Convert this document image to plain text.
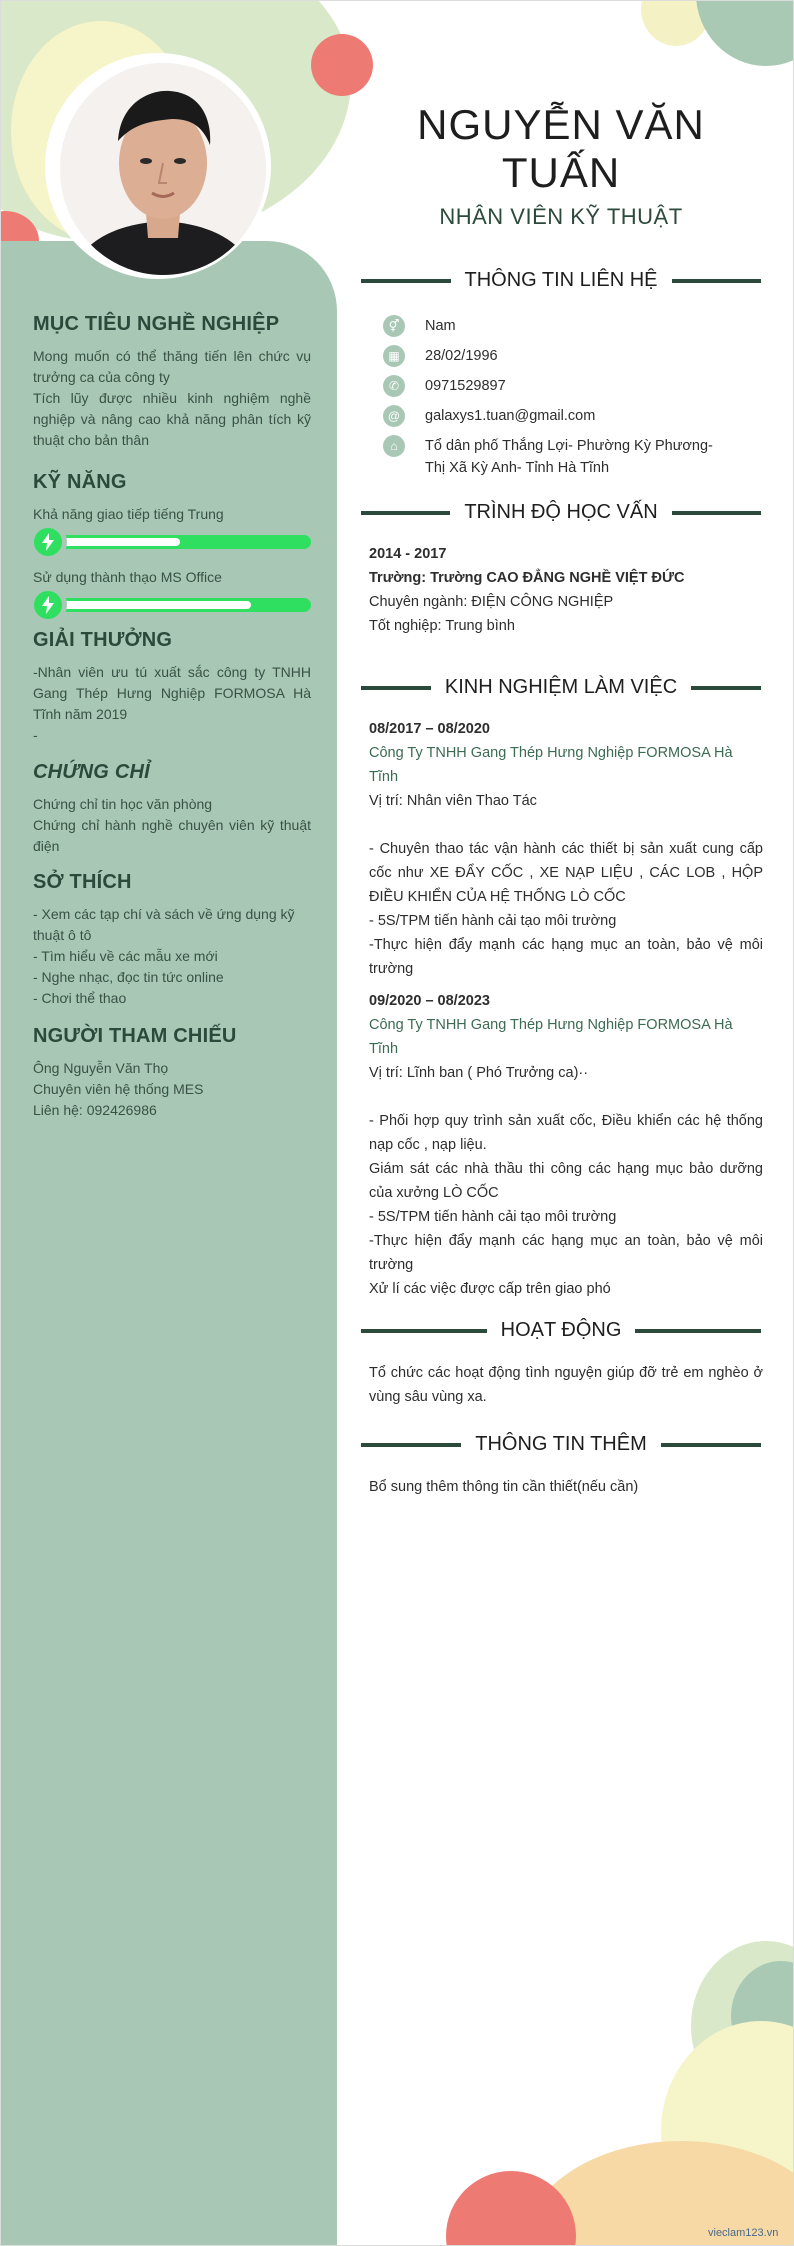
NGUYỄN VĂN
TUẤN
NHÂN VIÊN KỸ THUẬT
MỤC TIÊU NGHỀ NGHIỆP
Mong muốn có thể thăng tiến lên chức vụ trưởng ca của công ty
Tích lũy được nhiều kinh nghiệm nghề nghiệp và nâng cao khả năng phân tích kỹ thuật cho bản thân
KỸ NĂNG
Khả năng giao tiếp tiếng Trung
Sử dụng thành thạo MS Office
GIẢI THƯỞNG
-Nhân viên ưu tú xuất sắc công ty TNHH Gang Thép Hưng Nghiệp FORMOSA Hà Tĩnh năm 2019
-
CHỨNG CHỈ
Chứng chỉ tin học văn phòng
Chứng chỉ hành nghề chuyên viên kỹ thuật điện
SỞ THÍCH
- Xem các tạp chí và sách về ứng dụng kỹ thuật ô tô
- Tìm hiểu về các mẫu xe mới
- Nghe nhạc, đọc tin tức online
- Chơi thể thao
NGƯỜI THAM CHIẾU
Ông Nguyễn Văn Thọ
Chuyên viên hệ thống MES
Liên hệ: 092426986
THÔNG TIN LIÊN HỆ
⚥	Nam
▦	28/02/1996
✆	0971529897
@	galaxys1.tuan@gmail.com
⌂	Tổ dân phố Thắng Lợi- Phường Kỳ Phương-
Thị Xã Kỳ Anh- Tỉnh Hà Tĩnh
TRÌNH ĐỘ HỌC VẤN
2014 - 2017
Trường: Trường CAO ĐẲNG NGHỀ VIỆT ĐỨC
Chuyên ngành: ĐIỆN CÔNG NGHIỆP
Tốt nghiệp: Trung bình
KINH NGHIỆM LÀM VIỆC
08/2017 – 08/2020
Công Ty TNHH Gang Thép Hưng Nghiệp FORMOSA Hà Tĩnh
Vị trí: Nhân viên Thao Tác
- Chuyên thao tác vận hành các thiết bị sản xuất cung cấp cốc như XE ĐẨY CỐC , XE NẠP LIỆU , CÁC LOB , HỘP ĐIỀU KHIỂN CỦA HỆ THỐNG LÒ CỐC
- 5S/TPM tiến hành cải tạo môi trường
-Thực hiện đẩy mạnh các hạng mục an toàn, bảo vệ môi trường
09/2020 – 08/2023
Công Ty TNHH Gang Thép Hưng Nghiệp FORMOSA Hà Tĩnh
Vị trí: Lĩnh ban ( Phó Trưởng ca)··
- Phối hợp quy trình sản xuất cốc, Điều khiển các hệ thống nạp cốc , nạp liệu.
Giám sát các nhà thầu thi công các hạng mục bảo dưỡng của xưởng LÒ CỐC
- 5S/TPM tiến hành cải tạo môi trường
-Thực hiện đẩy mạnh các hạng mục an toàn, bảo vệ môi trường
Xử lí các việc được cấp trên giao phó
HOẠT ĐỘNG
Tổ chức các hoạt động tình nguyện giúp đỡ trẻ em nghèo ở vùng sâu vùng xa.
THÔNG TIN THÊM
Bổ sung thêm thông tin cần thiết(nếu cần)
vieclam123.vn
